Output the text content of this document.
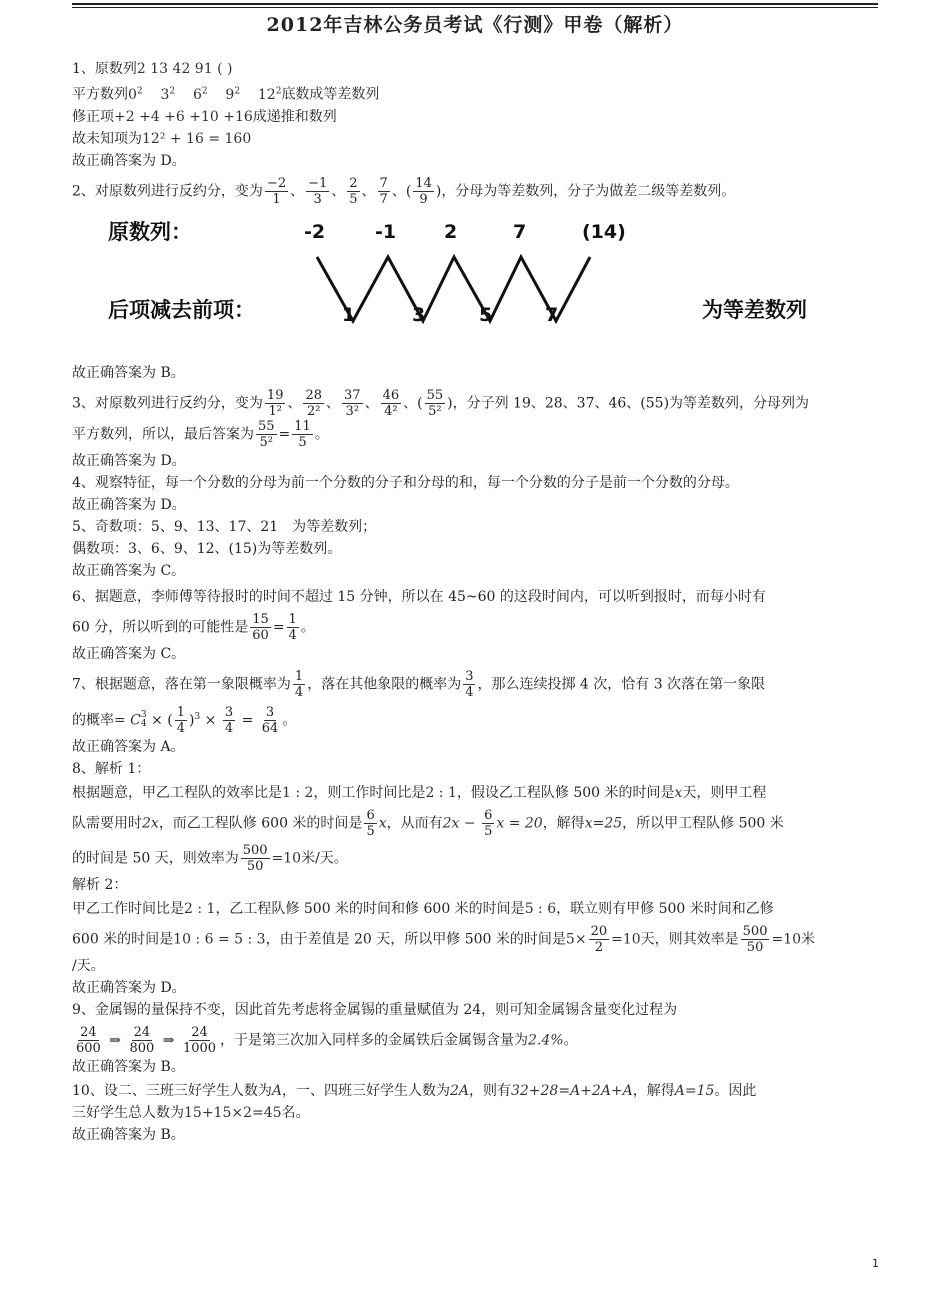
2012年吉林公务员考试《行测》甲卷（解析）
1、原数列2 13 42 91 ( )
平方数列$0^2$ $3^2$ $6^2$ $9^2$ $12^2$底数成等差数列
修正项+2 +4 +6 +10 +16成递推和数列
故未知项为12² + 16 = 160
故正确答案为 D。
2、对原数列进行反约分，变为 $\frac{-2}{1}$ 、 $\frac{-1}{3}$ 、 $\frac{2}{5}$ 、 $\frac{7}{7}$ 、( $\frac{14}{9}$ )，分母为等差数列，分子为做差二级等差数列。
原数列：
后项减去前项：	为等差数列
-2	-1	2	7	(14)
1	3	5	7
故正确答案为 B。
3、对原数列进行反约分，变为 $\frac{19}{\text{1²}}$ 、 $\frac{28}{\text{2²}}$ 、 $\frac{37}{\text{3²}}$ 、 $\frac{46}{\text{4²}}$ 、( $\frac{55}{\text{5²}}$ )，分子列 19、28、37、46、(55)为等差数列，分母列为
平方数列，所以，最后答案为 $\frac{55}{\text{5²}} = \frac{11}{5}$ 。
故正确答案为 D。
4、观察特征，每一个分数的分母为前一个分数的分子和分母的和，每一个分数的分子是前一个分数的分母。
故正确答案为 D。
5、奇数项：5、9、13、17、21　为等差数列；
偶数项：3、6、9、12、(15)为等差数列。
故正确答案为 C。
6、据题意，李师傅等待报时的时间不超过 15 分钟，所以在 45~60 的这段时间内，可以听到报时，而每小时有
60 分，所以听到的可能性是 $\frac{15}{60} = \frac{1}{4}$ 。
故正确答案为 C。
7、根据题意，落在第一象限概率为 $\frac{1}{4}$ ，落在其他象限的概率为 $\frac{3}{4}$ ，那么连续投掷 4 次，恰有 3 次落在第一象限
的概率= C 3
4 × ( $\frac{1}{4} )^3 \times \frac{3}{4} = \frac{3}{64}$ 。
故正确答案为 A。
8、解析 1：
根据题意，甲乙工程队的效率比是1 : 2，则工作时间比是2 : 1，假设乙工程队修 500 米的时间是x天，则甲工程
队需要用时2x，而乙工程队修 600 米的时间是 $\frac{6}{5}$ x，从而有$2x - \frac{6}{5}$ x = 20，解得x=25，所以甲工程队修 500 米
的时间是 50 天，则效率为 $\frac{500}{50} =10$米/天。
解析 2：
甲乙工作时间比是2 : 1，乙工程队修 500 米的时间和修 600 米的时间是5 : 6，联立则有甲修 500 米时间和乙修
600 米的时间是10 : 6 = 5 : 3，由于差值是 20 天，所以甲修 500 米的时间是$5\times \frac{20}{2} =10$天，则其效率是 $\frac{500}{50} =10$米
/天。
故正确答案为 D。
9、金属锡的量保持不变，因此首先考虑将金属锡的重量赋值为 24，则可知金属锡含量变化过程为
$\frac{24}{600}$ ⇒ $\frac{24}{800}$ ⇒ $\frac{24}{1000}$ ，于是第三次加入同样多的金属铁后金属锡含量为2.4%。
故正确答案为 B。
10、设二、三班三好学生人数为A，一、四班三好学生人数为2A，则有32+28=A+2A+A，解得A=15。因此
三好学生总人数为15+15×2=45名。
故正确答案为 B。
1
